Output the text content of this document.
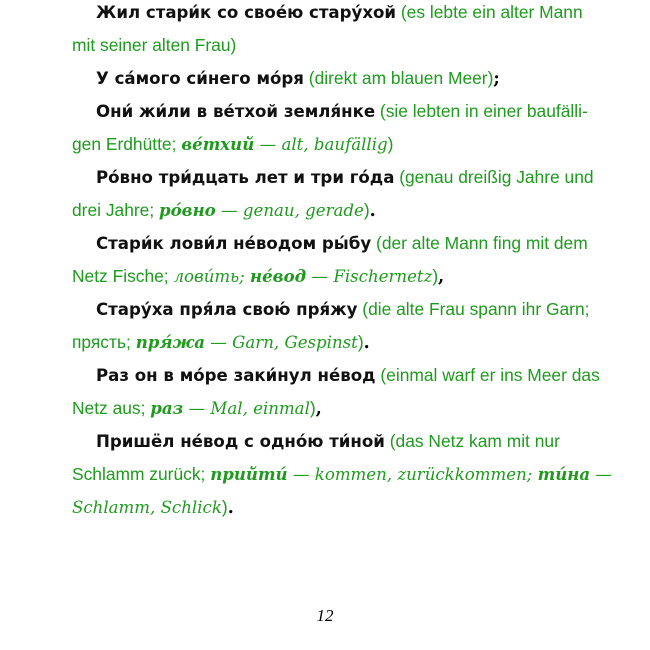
Жил стари́к со свое́ю стару́хой (es lebte ein alter Mann
mit seiner alten Frau)
У са́мого си́него мо́ря (direkt am blauen Meer);
Они́ жи́ли в ве́тхой земля́нке (sie lebten in einer baufälli-
gen Erdhütte; ве́тхий — alt, baufällig)
Ро́вно три́дцать лет и три го́да (genau dreißig Jahre und
drei Jahre; ро́вно — genau, gerade).
Стари́к лови́л не́водом ры́бу (der alte Mann fing mit dem
Netz Fische; лови́ть; не́вод — Fischernetz),
Стару́ха пря́ла свою́ пря́жу (die alte Frau spann ihr Garn;
прясть; пря́жа — Garn, Gespinst).
Раз он в мо́ре заки́нул не́вод (einmal warf er ins Meer das
Netz aus; раз — Mal, einmal),
Пришёл не́вод с одно́ю ти́ной (das Netz kam mit nur
Schlamm zurück; прийти́ — kommen, zurückkommen; ти́на —
Schlamm, Schlick).
12
